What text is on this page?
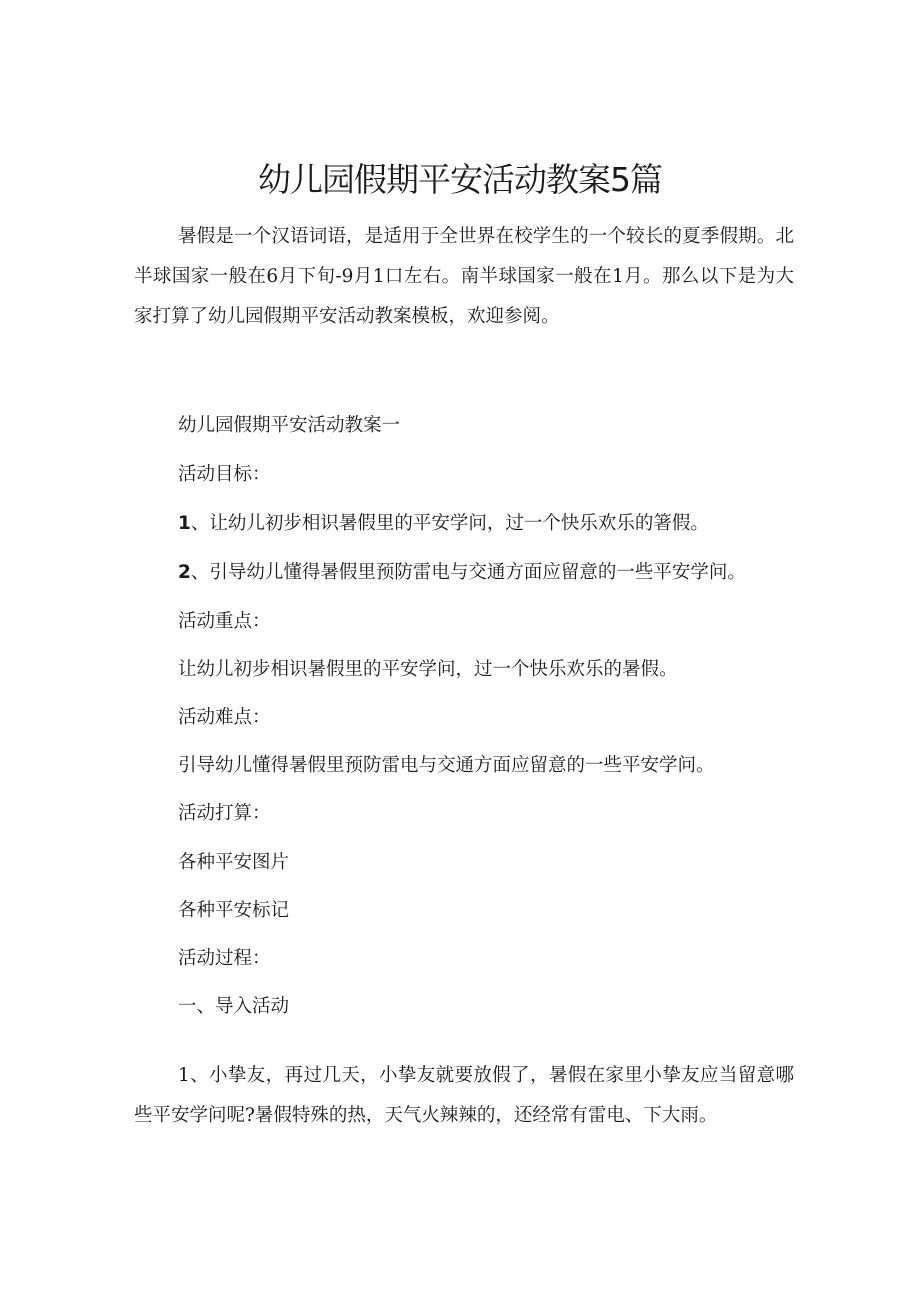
幼儿园假期平安活动教案5篇

暑假是一个汉语词语，是适用于全世界在校学生的一个较长的夏季假期。北半球国家一般在6月下旬-9月1口左右。南半球国家一般在1月。那么以下是为大家打算了幼儿园假期平安活动教案模板，欢迎参阅。

幼儿园假期平安活动教案一

活动目标：

1、让幼儿初步相识暑假里的平安学问，过一个快乐欢乐的箸假。

2、引导幼儿懂得暑假里预防雷电与交通方面应留意的一些平安学问。

活动重点：

让幼儿初步相识暑假里的平安学问，过一个快乐欢乐的暑假。

活动难点：

引导幼儿懂得暑假里预防雷电与交通方面应留意的一些平安学问。

活动打算：

各种平安图片

各种平安标记

活动过程：

一、导入活动

1、小挚友，再过几天，小挚友就要放假了，暑假在家里小挚友应当留意哪些平安学问呢?暑假特殊的热，天气火辣辣的，还经常有雷电、下大雨。
